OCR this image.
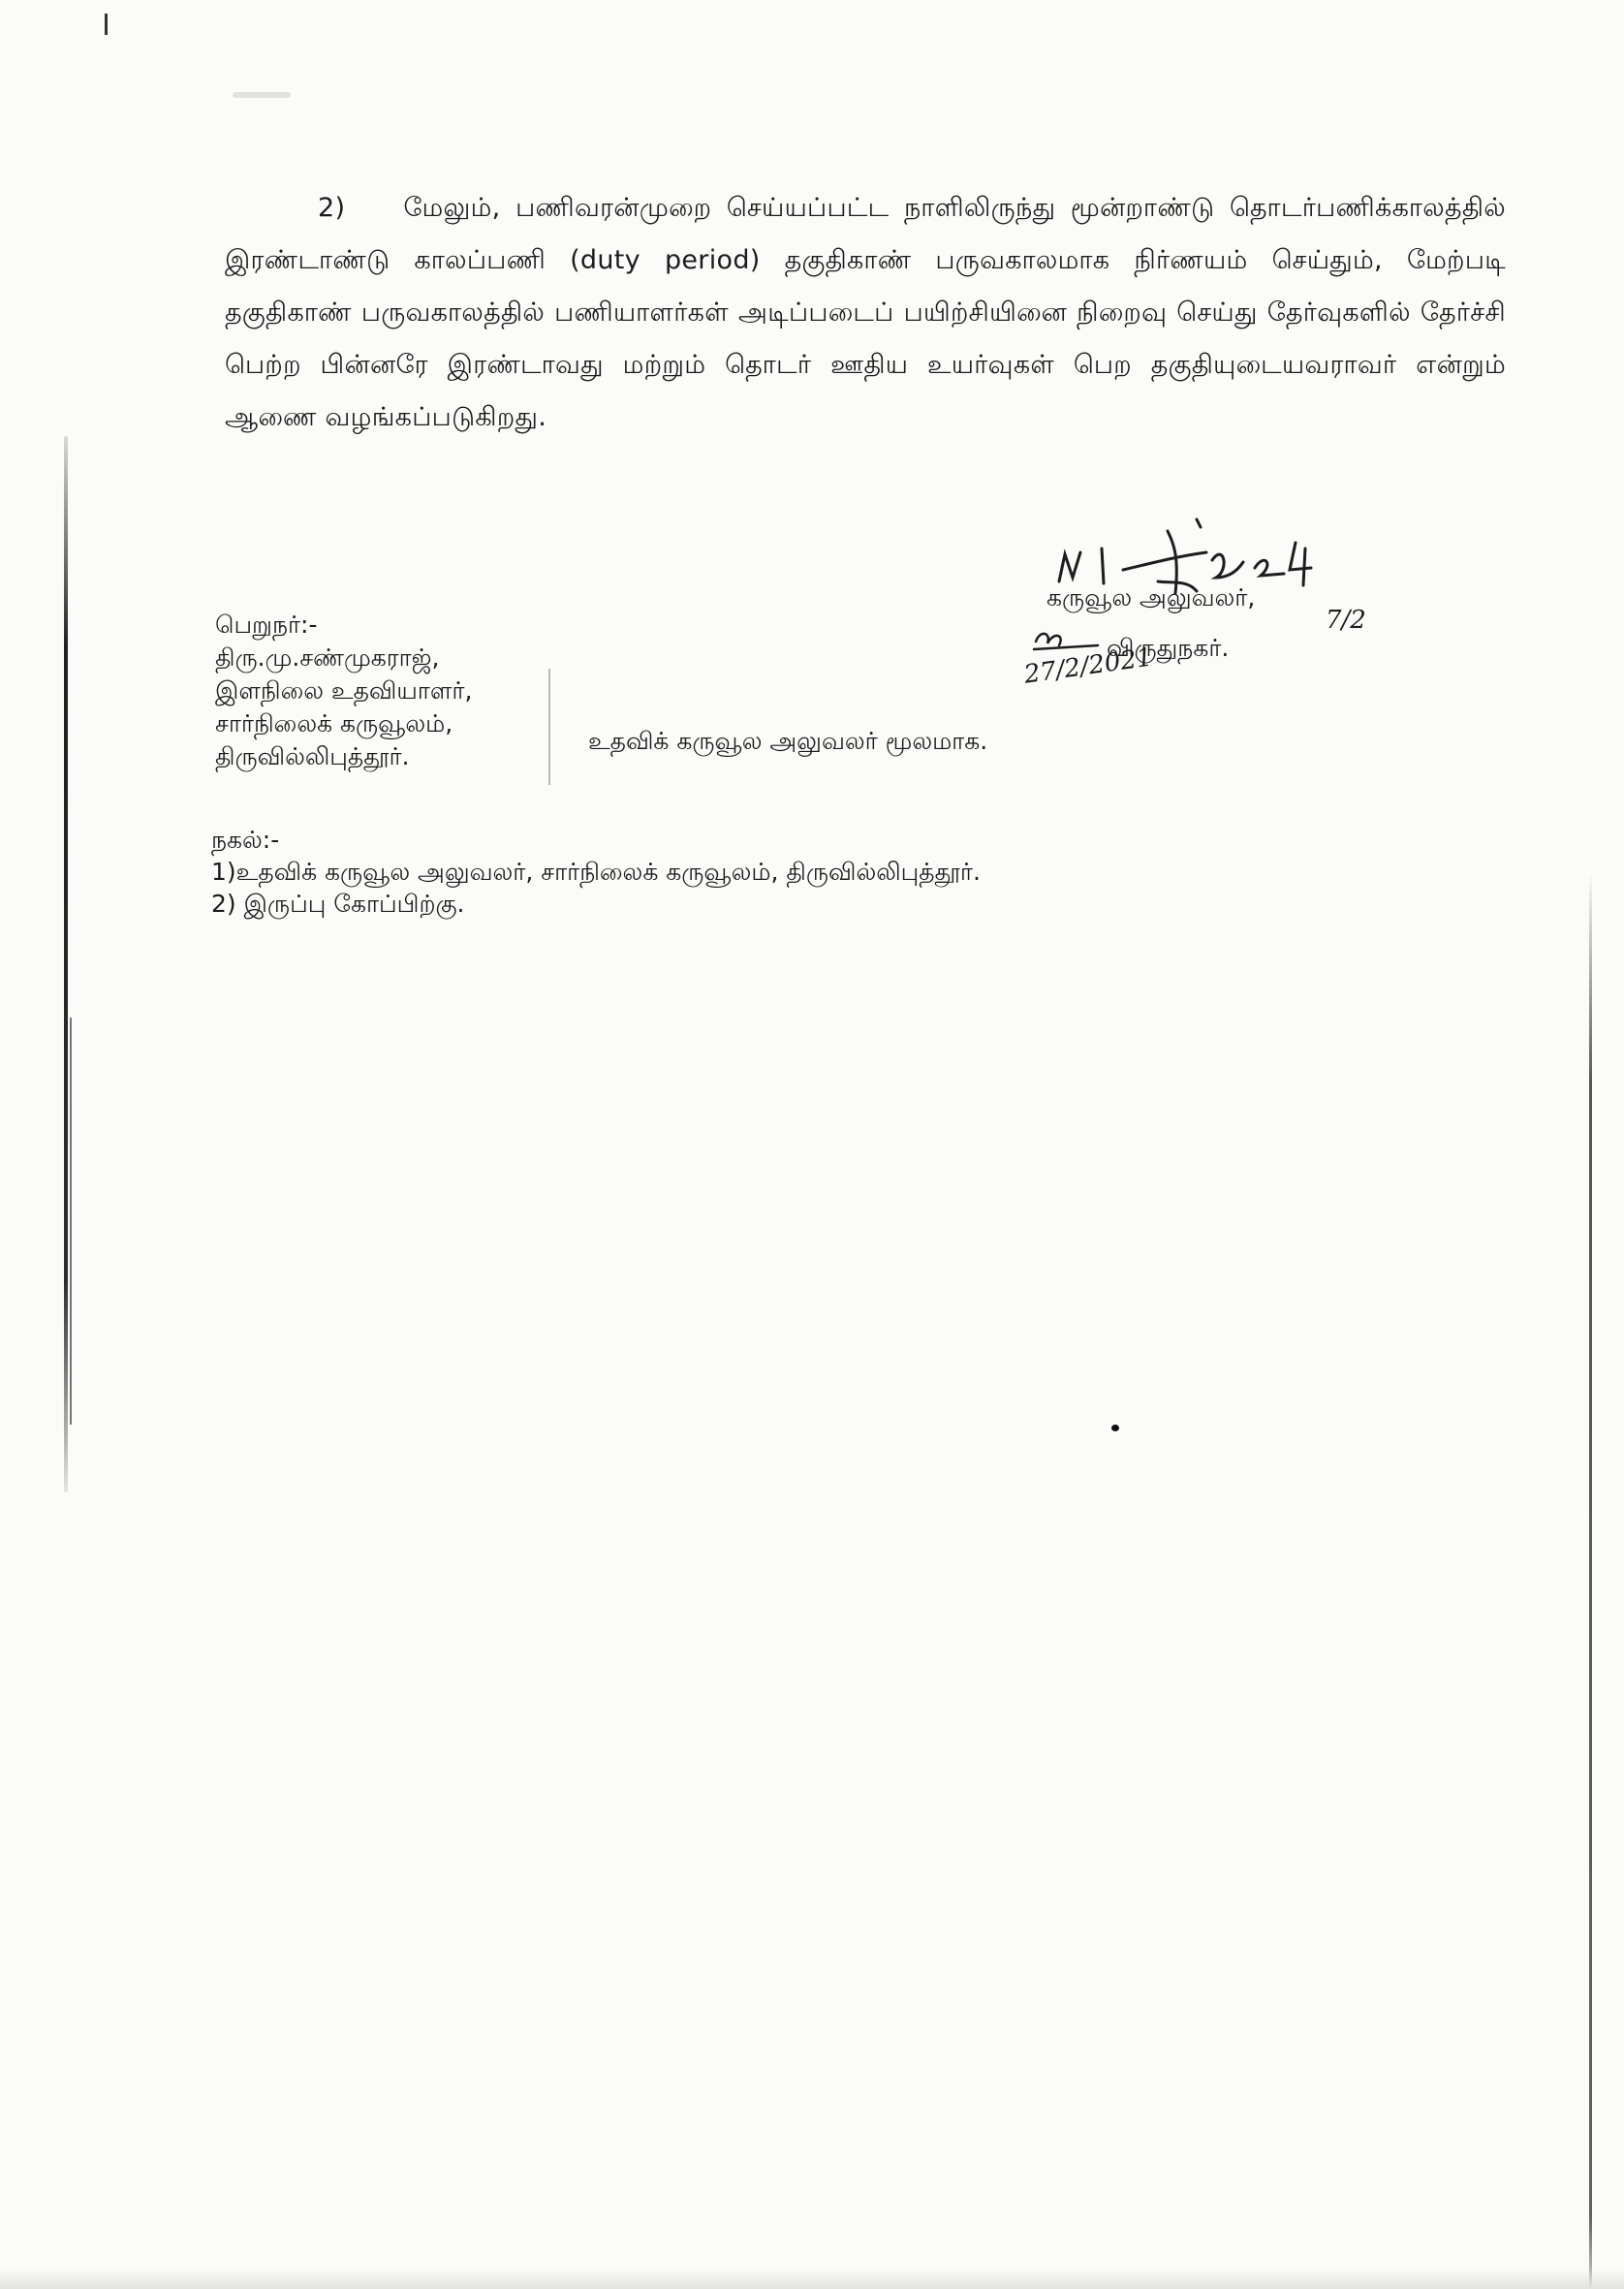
2) மேலும், பணிவரன்முறை செய்யப்பட்ட நாளிலிருந்து மூன்றாண்டு தொடர்பணிக்காலத்தில் இரண்டாண்டு காலப்பணி (duty period) தகுதிகாண் பருவகாலமாக நிர்ணயம் செய்தும், மேற்படி தகுதிகாண் பருவகாலத்தில் பணியாளர்கள் அடிப்படைப் பயிற்சியினை நிறைவு செய்து தேர்வுகளில் தேர்ச்சி பெற்ற பின்னரே இரண்டாவது மற்றும் தொடர் ஊதிய உயர்வுகள் பெற தகுதியுடையவராவர் என்றும் ஆணை வழங்கப்படுகிறது.
கருவூல அலுவலர்,
7/2
விருதுநகர்.
27/2/2021
பெறுநர்:-
திரு.மு.சண்முகராஜ்,
இளநிலை உதவியாளர்,
சார்நிலைக் கருவூலம்,
திருவில்லிபுத்தூர்.
உதவிக் கருவூல அலுவலர் மூலமாக.
நகல்:-
1)உதவிக் கருவூல அலுவலர், சார்நிலைக் கருவூலம், திருவில்லிபுத்தூர்.
2) இருப்பு கோப்பிற்கு.
